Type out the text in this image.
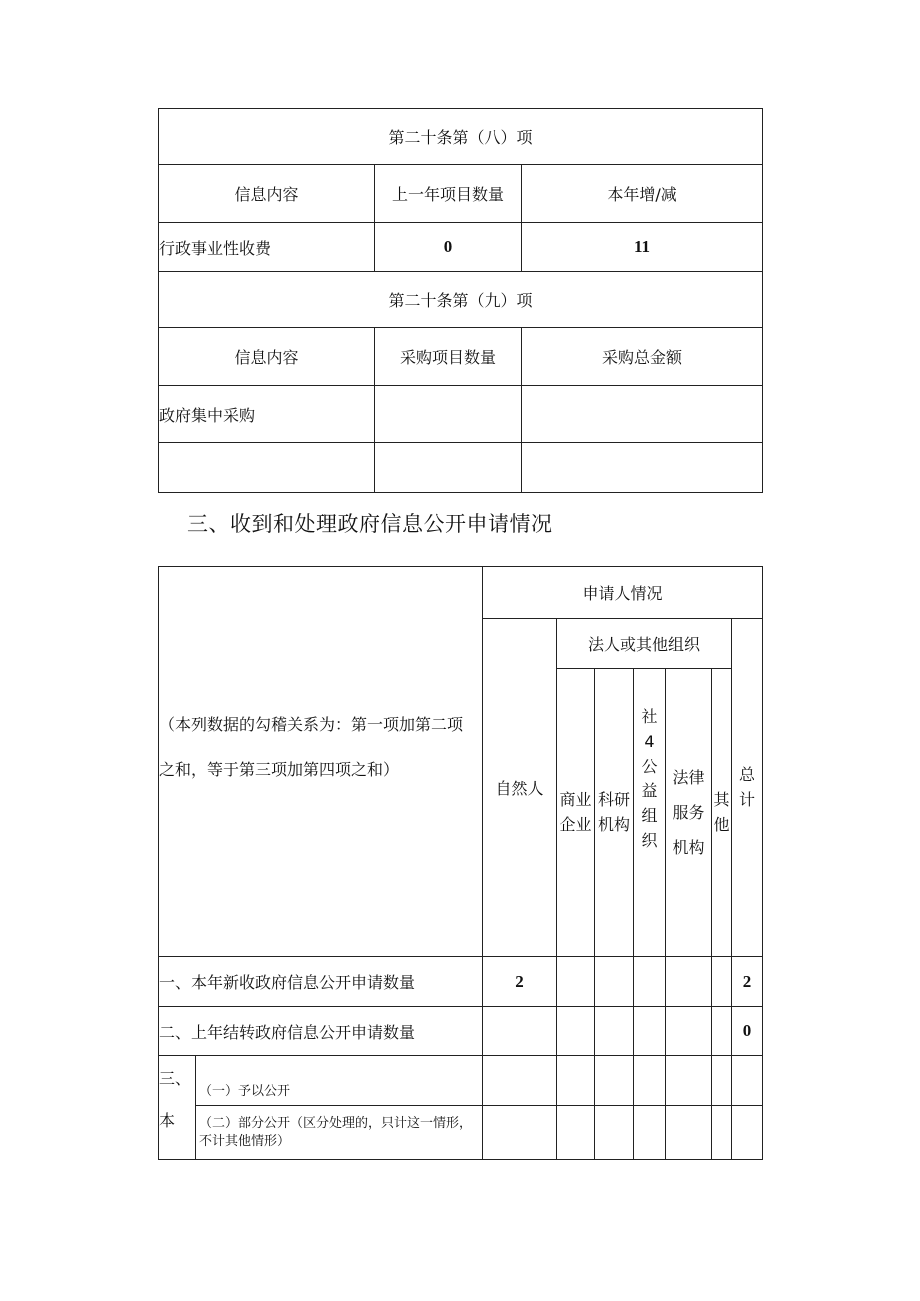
第二十条第（八）项		
信息内容	上一年项目数量	本年增/减
行政事业性收费	0	11
第二十条第（九）项		
信息内容	采购项目数量	采购总金额
政府集中采购		

三、收到和处理政府信息公开申请情况
（本列数据的勾稽关系为：第一项加第二项
之和，等于第三项加第四项之和）		申请人情况						
		自然人	法人或其他组织					总计
			商业企业	科研机构	社4公益组织	法律服务机构	其他	
一、本年新收政府信息公开申请数量		2						2
二、上年结转政府信息公开申请数量								0

三、
本	（一）予以公开							
	（二）部分公开（区分处理的，只计这一情形，不计其他情形）							
